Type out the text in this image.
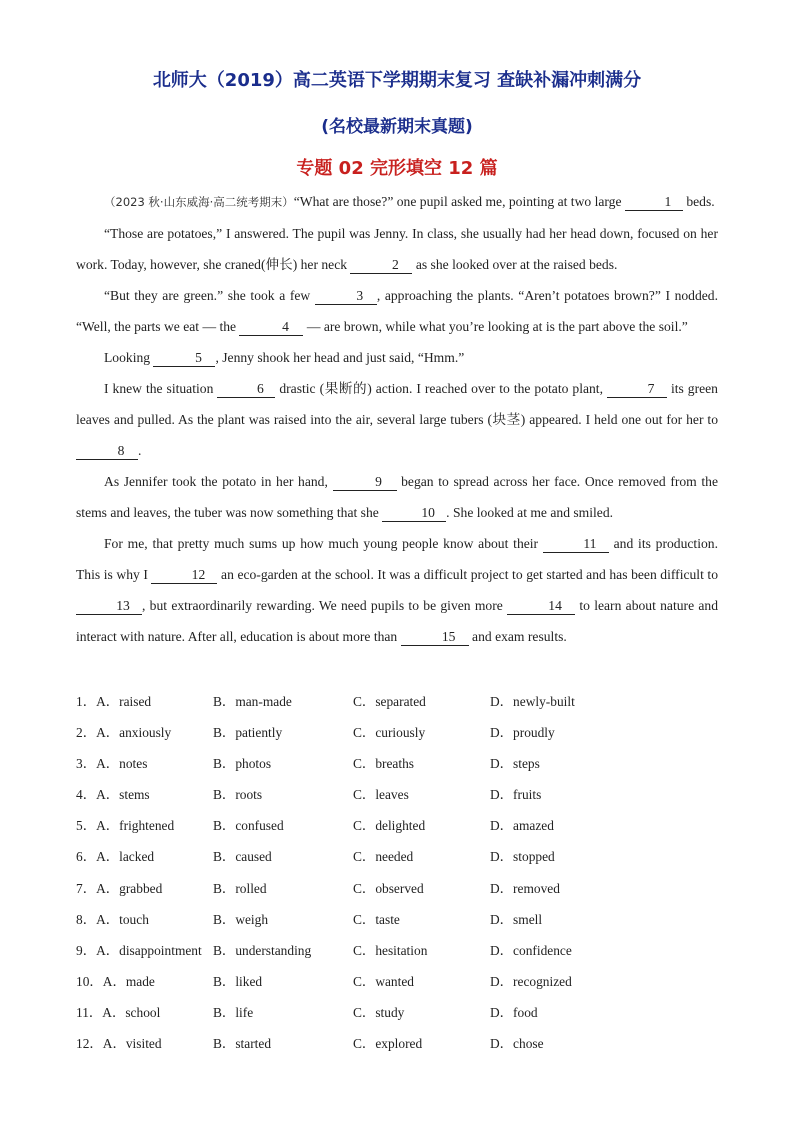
北师大（2019）高二英语下学期期末复习 查缺补漏冲刺满分
(名校最新期末真题)
专题 02 完形填空 12 篇

（2023 秋·山东威海·高二统考期末）“What are those?” one pupil asked me, pointing at two large	1 beds.

“Those are potatoes,” I answered. The pupil was Jenny. In class, she usually had her head down, focused on her work. Today, however, she craned(伸长) her neck	2 as she looked over at the raised beds.

“But they are green.” she took a few	3 , approaching the plants. “Aren’t potatoes brown?” I nodded. “Well, the parts we eat — the	4 — are brown, while what you’re looking at is the part above the soil.”

Looking	5 , Jenny shook her head and just said, “Hmm.”

I knew the situation	6 drastic (果断的) action. I reached over to the potato plant,	7 its green leaves and pulled. As the plant was raised into the air, several large tubers (块茎) appeared. I held one out for her to 8 .

As Jennifer took the potato in her hand,	9 began to spread across her face. Once removed from the stems and leaves, the tuber was now something that she	10 . She looked at me and smiled.

For me, that pretty much sums up how much young people know about their	11 and its production. This is why I	12 an eco-garden at the school. It was a difficult project to get started and has been difficult to 13 , but extraordinarily rewarding. We need pupils to be given more	14 to learn about nature and interact with nature. After all, education is about more than	15 and exam results.

1．A．raised	B．man-made	C．separated	D．newly-built
2．A．anxiously	B．patiently	C．curiously	D．proudly
3．A．notes	B．photos	C．breaths	D．steps
4．A．stems	B．roots	C．leaves	D．fruits
5．A．frightened	B．confused	C．delighted	D．amazed
6．A．lacked	B．caused	C．needed	D．stopped
7．A．grabbed	B．rolled	C．observed	D．removed
8．A．touch	B．weigh	C．taste	D．smell
9．A．disappointment B．understanding	C．hesitation	D．confidence
10．A．made	B．liked	C．wanted	D．recognized
11．A．school	B．life	C．study	D．food
12．A．visited	B．started	C．explored	D．chose
